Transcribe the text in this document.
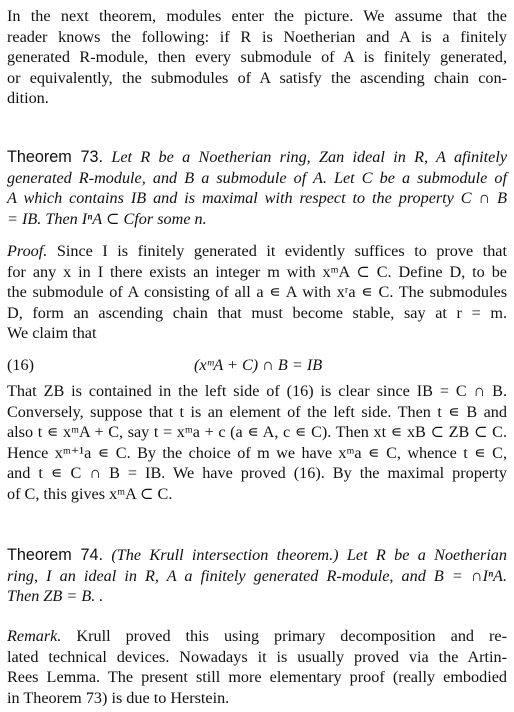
In the next theorem, modules enter the picture. We assume that the
reader knows the following: if R is Noetherian and A is a finitely
generated R-module, then every submodule of A is finitely generated,
or equivalently, the submodules of A satisfy the ascending chain con-
dition.
Theorem 73. Let R be a Noetherian ring, Zan ideal in R, A afinitely
generated R-module, and B a submodule of A. Let C be a submodule of
A which contains IB and is maximal with respect to the property C ∩ B
= IB. Then IⁿA ⊂ Cfor some n.
Proof. Since I is finitely generated it evidently suffices to prove that
for any x in I there exists an integer m with xᵐA ⊂ C. Define D, to be
the submodule of A consisting of all a ∊ A with xʳa ∊ C. The submodules
D, form an ascending chain that must become stable, say at r = m.
We claim that
(16)	(xᵐA + C) ∩ B = IB
That ZB is contained in the left side of (16) is clear since IB = C ∩ B.
Conversely, suppose that t is an element of the left side. Then t ∊ B and
also t ∊ xᵐA + C, say t = xᵐa + c (a ∊ A, c ∊ C). Then xt ∊ xB ⊂ ZB ⊂ C.
Hence xᵐ⁺¹a ∊ C. By the choice of m we have xᵐa ∊ C, whence t ∊ C,
and t ∊ C ∩ B = IB. We have proved (16). By the maximal property
of C, this gives xᵐA ⊂ C.
Theorem 74. (The Krull intersection theorem.) Let R be a Noetherian
ring, I an ideal in R, A a finitely generated R-module, and B = ∩IⁿA.
Then ZB = B. .
Remark. Krull proved this using primary decomposition and re-
lated technical devices. Nowadays it is usually proved via the Artin-
Rees Lemma. The present still more elementary proof (really embodied
in Theorem 73) is due to Herstein.
